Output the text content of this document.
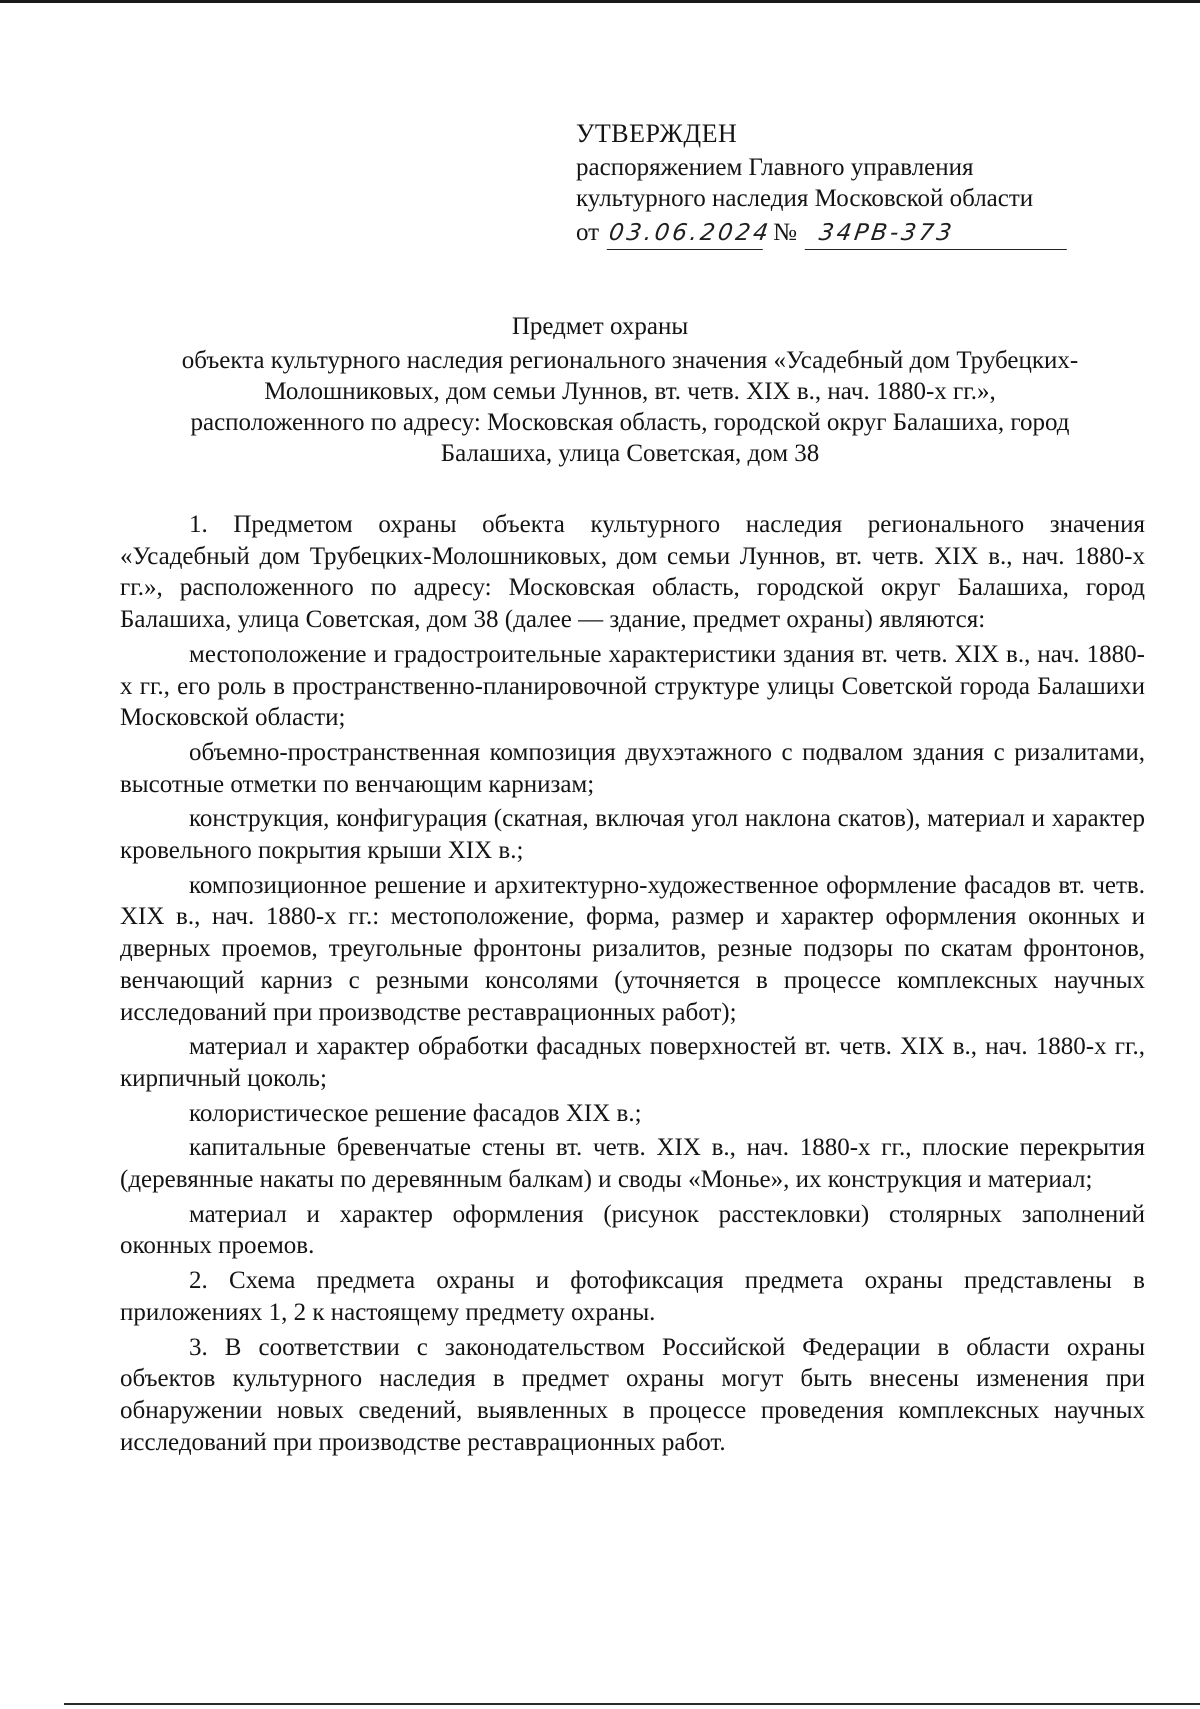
УТВЕРЖДЕН
распоряжением Главного управления
культурного наследия Московской области
от 03.06.2024№ 34РВ-373
Предмет охраны
объекта культурного наследия регионального значения «Усадебный дом Трубецких-Молошниковых, дом семьи Луннов, вт. четв. XIX в., нач. 1880-х гг.», расположенного по адресу: Московская область, городской округ Балашиха, город Балашиха, улица Советская, дом 38

1. Предметом охраны объекта культурного наследия регионального значения «Усадебный дом Трубецких-Молошниковых, дом семьи Луннов, вт. четв. XIX в., нач. 1880-х гг.», расположенного по адресу: Московская область, городской округ Балашиха, город Балашиха, улица Советская, дом 38 (далее — здание, предмет охраны) являются:

местоположение и градостроительные характеристики здания вт. четв. XIX в., нач. 1880-х гг., его роль в пространственно-планировочной структуре улицы Советской города Балашихи Московской области;

объемно-пространственная композиция двухэтажного с подвалом здания с ризалитами, высотные отметки по венчающим карнизам;

конструкция, конфигурация (скатная, включая угол наклона скатов), материал и характер кровельного покрытия крыши XIX в.;

композиционное решение и архитектурно-художественное оформление фасадов вт. четв. XIX в., нач. 1880-х гг.: местоположение, форма, размер и характер оформления оконных и дверных проемов, треугольные фронтоны ризалитов, резные подзоры по скатам фронтонов, венчающий карниз с резными консолями (уточняется в процессе комплексных научных исследований при производстве реставрационных работ);

материал и характер обработки фасадных поверхностей вт. четв. XIX в., нач. 1880-х гг., кирпичный цоколь;

колористическое решение фасадов XIX в.;

капитальные бревенчатые стены вт. четв. XIX в., нач. 1880-х гг., плоские перекрытия (деревянные накаты по деревянным балкам) и своды «Монье», их конструкция и материал;

материал и характер оформления (рисунок расстекловки) столярных заполнений оконных проемов.

2. Схема предмета охраны и фотофиксация предмета охраны представлены в приложениях 1, 2 к настоящему предмету охраны.

3. В соответствии с законодательством Российской Федерации в области охраны объектов культурного наследия в предмет охраны могут быть внесены изменения при обнаружении новых сведений, выявленных в процессе проведения комплексных научных исследований при производстве реставрационных работ.
